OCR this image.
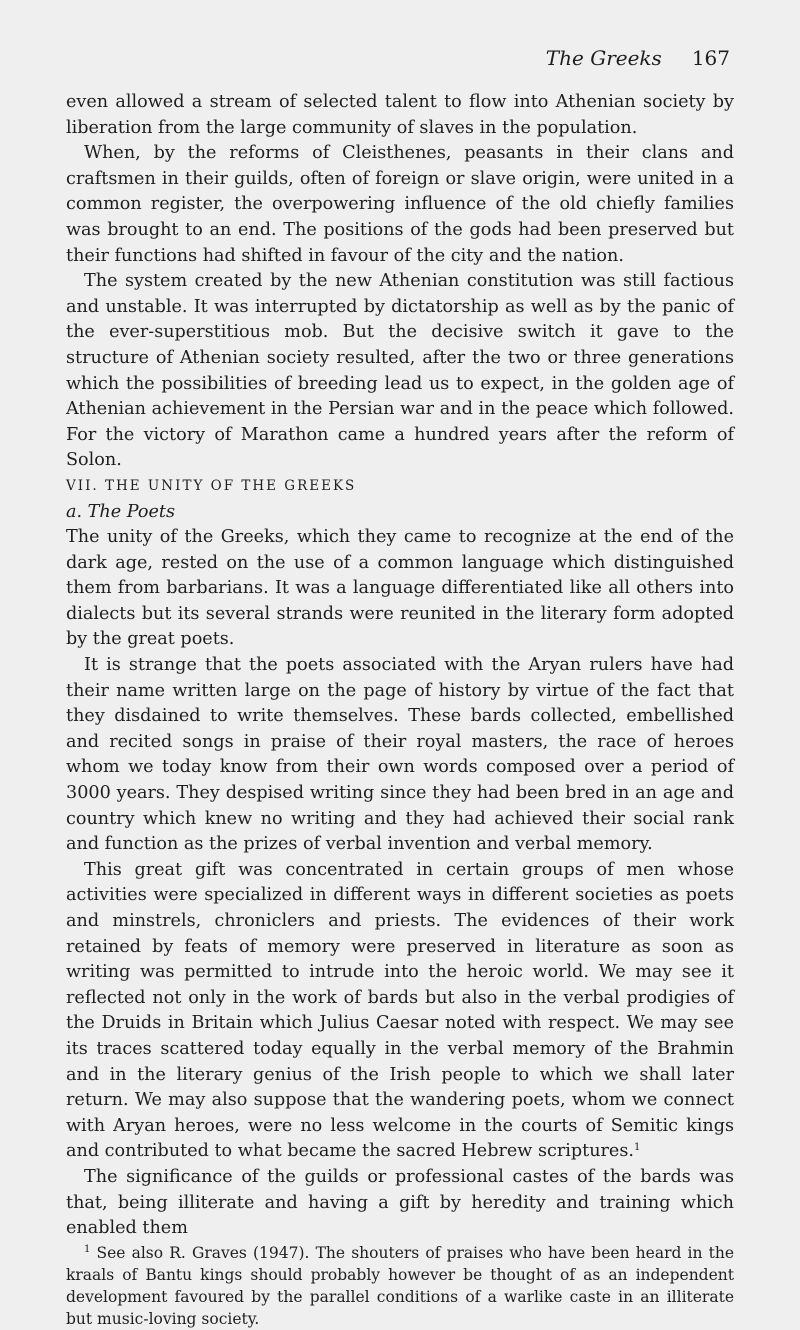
The Greeks 167

even allowed a stream of selected talent to flow into Athenian society by liberation from the large community of slaves in the population.

When, by the reforms of Cleisthenes, peasants in their clans and craftsmen in their guilds, often of foreign or slave origin, were united in a common register, the overpowering influence of the old chiefly families was brought to an end. The positions of the gods had been preserved but their functions had shifted in favour of the city and the nation.

The system created by the new Athenian constitution was still factious and unstable. It was interrupted by dictatorship as well as by the panic of the ever-superstitious mob. But the decisive switch it gave to the structure of Athenian society resulted, after the two or three generations which the possibilities of breeding lead us to expect, in the golden age of Athenian achievement in the Persian war and in the peace which followed. For the victory of Marathon came a hundred years after the reform of Solon.

VII. THE UNITY OF THE GREEKS

a. The Poets

The unity of the Greeks, which they came to recognize at the end of the dark age, rested on the use of a common language which distinguished them from barbarians. It was a language differentiated like all others into dialects but its several strands were reunited in the literary form adopted by the great poets.

It is strange that the poets associated with the Aryan rulers have had their name written large on the page of history by virtue of the fact that they disdained to write themselves. These bards collected, embellished and recited songs in praise of their royal masters, the race of heroes whom we today know from their own words composed over a period of 3000 years. They despised writing since they had been bred in an age and country which knew no writing and they had achieved their social rank and function as the prizes of verbal invention and verbal memory.

This great gift was concentrated in certain groups of men whose activities were specialized in different ways in different societies as poets and minstrels, chroniclers and priests. The evidences of their work retained by feats of memory were preserved in literature as soon as writing was permitted to intrude into the heroic world. We may see it reflected not only in the work of bards but also in the verbal prodigies of the Druids in Britain which Julius Caesar noted with respect. We may see its traces scattered today equally in the verbal memory of the Brahmin and in the literary genius of the Irish people to which we shall later return. We may also suppose that the wandering poets, whom we connect with Aryan heroes, were no less welcome in the courts of Semitic kings and contributed to what became the sacred Hebrew scriptures.$^1$

The significance of the guilds or professional castes of the bards was that, being illiterate and having a gift by heredity and training which enabled them

$^1$ See also R. Graves (1947). The shouters of praises who have been heard in the kraals of Bantu kings should probably however be thought of as an independent development favoured by the parallel conditions of a warlike caste in an illiterate but music-loving society.
